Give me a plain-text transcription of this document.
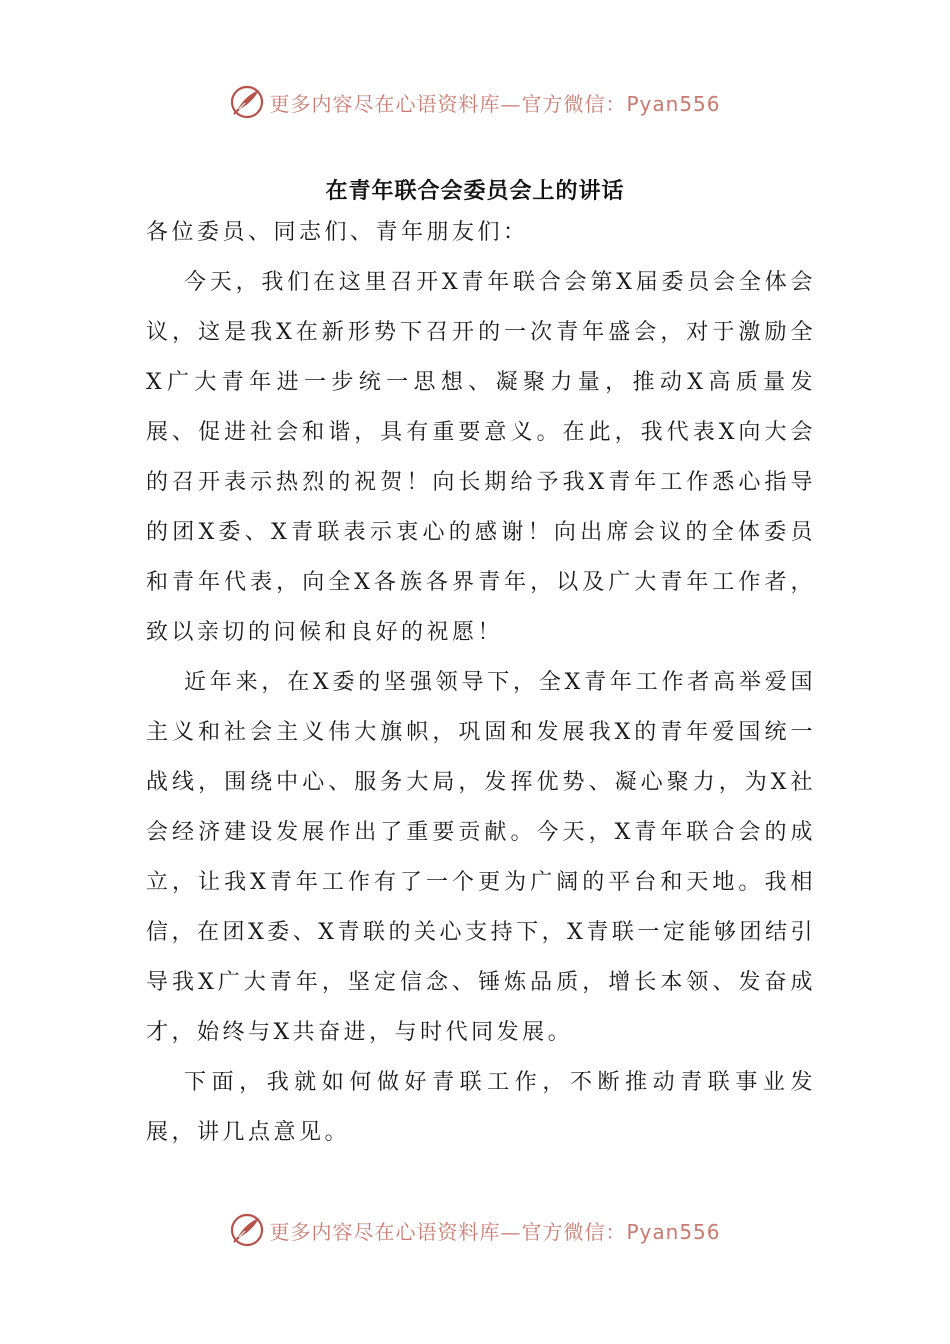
更多内容尽在心语资料库—官方微信：Pyan556
在青年联合会委员会上的讲话

各位委员、同志们、青年朋友们：

今天，我们在这里召开X青年联合会第X届委员会全体会议，这是我X在新形势下召开的一次青年盛会，对于激励全X广大青年进一步统一思想、凝聚力量，推动X高质量发展、促进社会和谐，具有重要意义。在此，我代表X向大会的召开表示热烈的祝贺！向长期给予我X青年工作悉心指导的团X委、X青联表示衷心的感谢！向出席会议的全体委员和青年代表，向全X各族各界青年，以及广大青年工作者，致以亲切的问候和良好的祝愿！

近年来，在X委的坚强领导下，全X青年工作者高举爱国主义和社会主义伟大旗帜，巩固和发展我X的青年爱国统一战线，围绕中心、服务大局，发挥优势、凝心聚力，为X社会经济建设发展作出了重要贡献。今天，X青年联合会的成立，让我X青年工作有了一个更为广阔的平台和天地。我相信，在团X委、X青联的关心支持下，X青联一定能够团结引导我X广大青年，坚定信念、锤炼品质，增长本领、发奋成才，始终与X共奋进，与时代同发展。

下面，我就如何做好青联工作，不断推动青联事业发展，讲几点意见。

更多内容尽在心语资料库—官方微信：Pyan556
